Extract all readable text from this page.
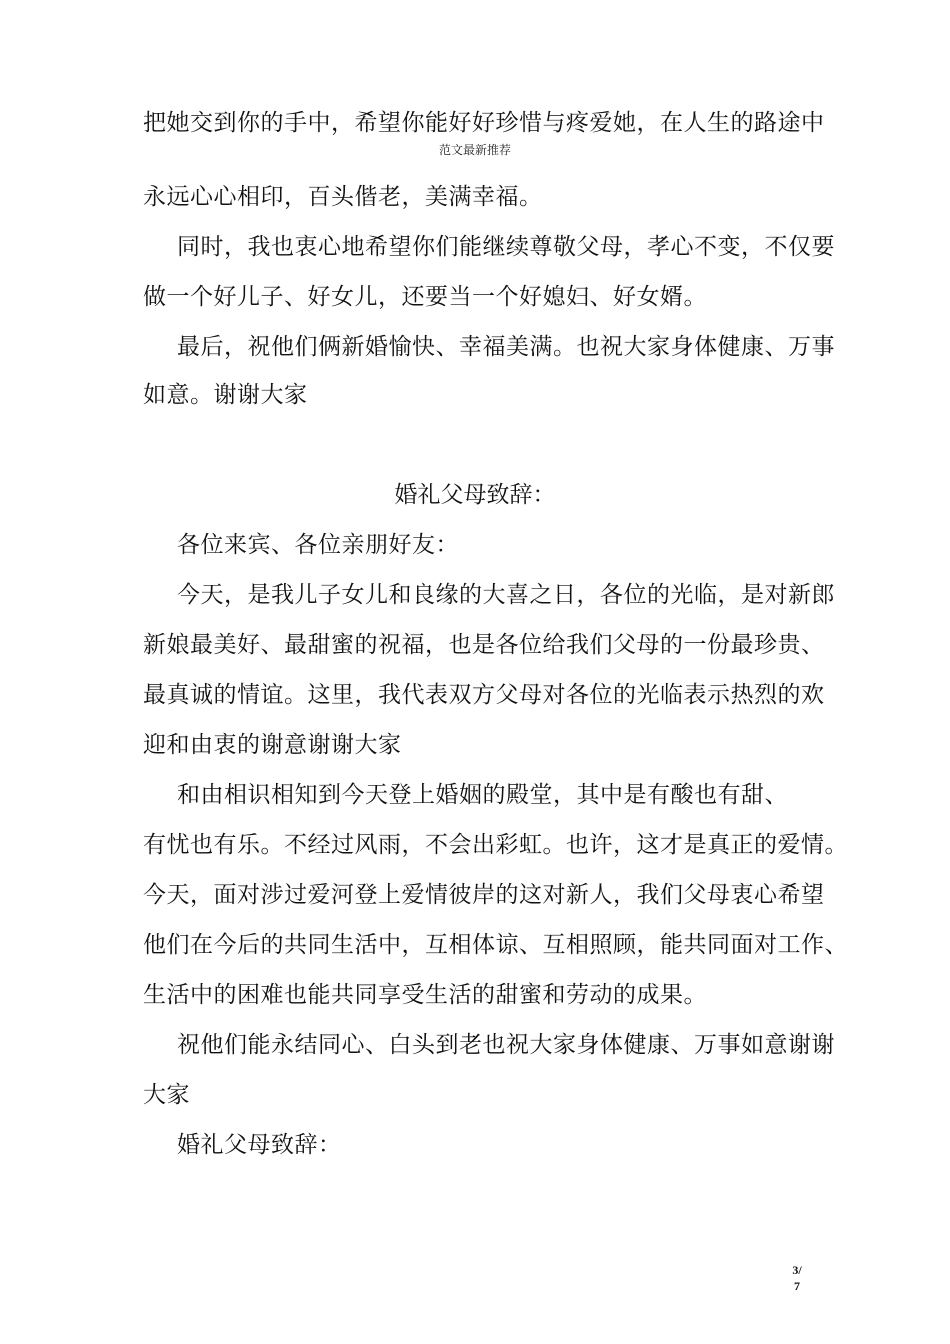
把她交到你的手中，希望你能好好珍惜与疼爱她，在人生的路途中
范文最新推荐
永远心心相印，百头偕老，美满幸福。
同时，我也衷心地希望你们能继续尊敬父母，孝心不变，不仅要
做一个好儿子、好女儿，还要当一个好媳妇、好女婿。
最后，祝他们俩新婚愉快、幸福美满。也祝大家身体健康、万事
如意。谢谢大家
婚礼父母致辞：
各位来宾、各位亲朋好友：
今天，是我儿子女儿和良缘的大喜之日，各位的光临，是对新郎
新娘最美好、最甜蜜的祝福，也是各位给我们父母的一份最珍贵、
最真诚的情谊。这里，我代表双方父母对各位的光临表示热烈的欢
迎和由衷的谢意谢谢大家
和由相识相知到今天登上婚姻的殿堂，其中是有酸也有甜、
有忧也有乐。不经过风雨，不会出彩虹。也许，这才是真正的爱情。
今天，面对涉过爱河登上爱情彼岸的这对新人，我们父母衷心希望
他们在今后的共同生活中，互相体谅、互相照顾，能共同面对工作、
生活中的困难也能共同享受生活的甜蜜和劳动的成果。
祝他们能永结同心、白头到老也祝大家身体健康、万事如意谢谢
大家
婚礼父母致辞：
3/
7
